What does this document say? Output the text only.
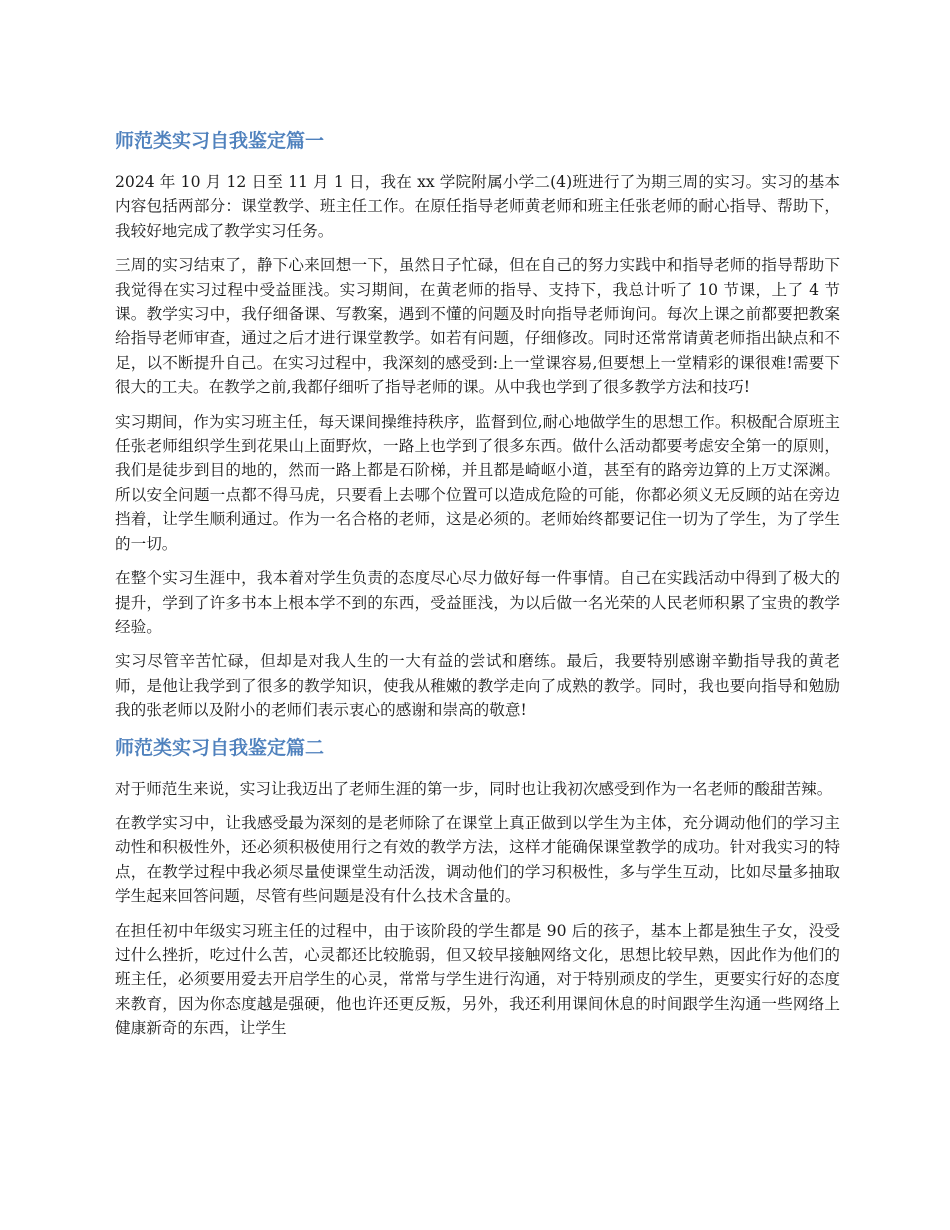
师范类实习自我鉴定篇一

2024 年 10 月 12 日至 11 月 1 日，我在 xx 学院附属小学二(4)班进行了为期三周的实习。实习的基本内容包括两部分：课堂教学、班主任工作。在原任指导老师黄老师和班主任张老师的耐心指导、帮助下，我较好地完成了教学实习任务。

三周的实习结束了，静下心来回想一下，虽然日子忙碌，但在自己的努力实践中和指导老师的指导帮助下我觉得在实习过程中受益匪浅。实习期间，在黄老师的指导、支持下，我总计听了 10 节课，上了 4 节课。教学实习中，我仔细备课、写教案，遇到不懂的问题及时向指导老师询问。每次上课之前都要把教案给指导老师审查，通过之后才进行课堂教学。如若有问题，仔细修改。同时还常常请黄老师指出缺点和不足，以不断提升自己。在实习过程中，我深刻的感受到:上一堂课容易,但要想上一堂精彩的课很难!需要下很大的工夫。在教学之前,我都仔细听了指导老师的课。从中我也学到了很多教学方法和技巧!

实习期间，作为实习班主任，每天课间操维持秩序，监督到位,耐心地做学生的思想工作。积极配合原班主任张老师组织学生到花果山上面野炊，一路上也学到了很多东西。做什么活动都要考虑安全第一的原则，我们是徒步到目的地的，然而一路上都是石阶梯，并且都是崎岖小道，甚至有的路旁边算的上万丈深渊。所以安全问题一点都不得马虎，只要看上去哪个位置可以造成危险的可能，你都必须义无反顾的站在旁边挡着，让学生顺利通过。作为一名合格的老师，这是必须的。老师始终都要记住一切为了学生，为了学生的一切。

在整个实习生涯中，我本着对学生负责的态度尽心尽力做好每一件事情。自己在实践活动中得到了极大的提升，学到了许多书本上根本学不到的东西，受益匪浅，为以后做一名光荣的人民老师积累了宝贵的教学经验。

实习尽管辛苦忙碌，但却是对我人生的一大有益的尝试和磨练。最后，我要特别感谢辛勤指导我的黄老师，是他让我学到了很多的教学知识，使我从稚嫩的教学走向了成熟的教学。同时，我也要向指导和勉励我的张老师以及附小的老师们表示衷心的感谢和崇高的敬意!

师范类实习自我鉴定篇二

对于师范生来说，实习让我迈出了老师生涯的第一步，同时也让我初次感受到作为一名老师的酸甜苦辣。

在教学实习中，让我感受最为深刻的是老师除了在课堂上真正做到以学生为主体，充分调动他们的学习主动性和积极性外，还必须积极使用行之有效的教学方法，这样才能确保课堂教学的成功。针对我实习的特点，在教学过程中我必须尽量使课堂生动活泼，调动他们的学习积极性，多与学生互动，比如尽量多抽取学生起来回答问题，尽管有些问题是没有什么技术含量的。

在担任初中年级实习班主任的过程中，由于该阶段的学生都是 90 后的孩子，基本上都是独生子女，没受过什么挫折，吃过什么苦，心灵都还比较脆弱，但又较早接触网络文化，思想比较早熟，因此作为他们的班主任，必须要用爱去开启学生的心灵，常常与学生进行沟通，对于特别顽皮的学生，更要实行好的态度来教育，因为你态度越是强硬，他也许还更反叛，另外，我还利用课间休息的时间跟学生沟通一些网络上健康新奇的东西，让学生
